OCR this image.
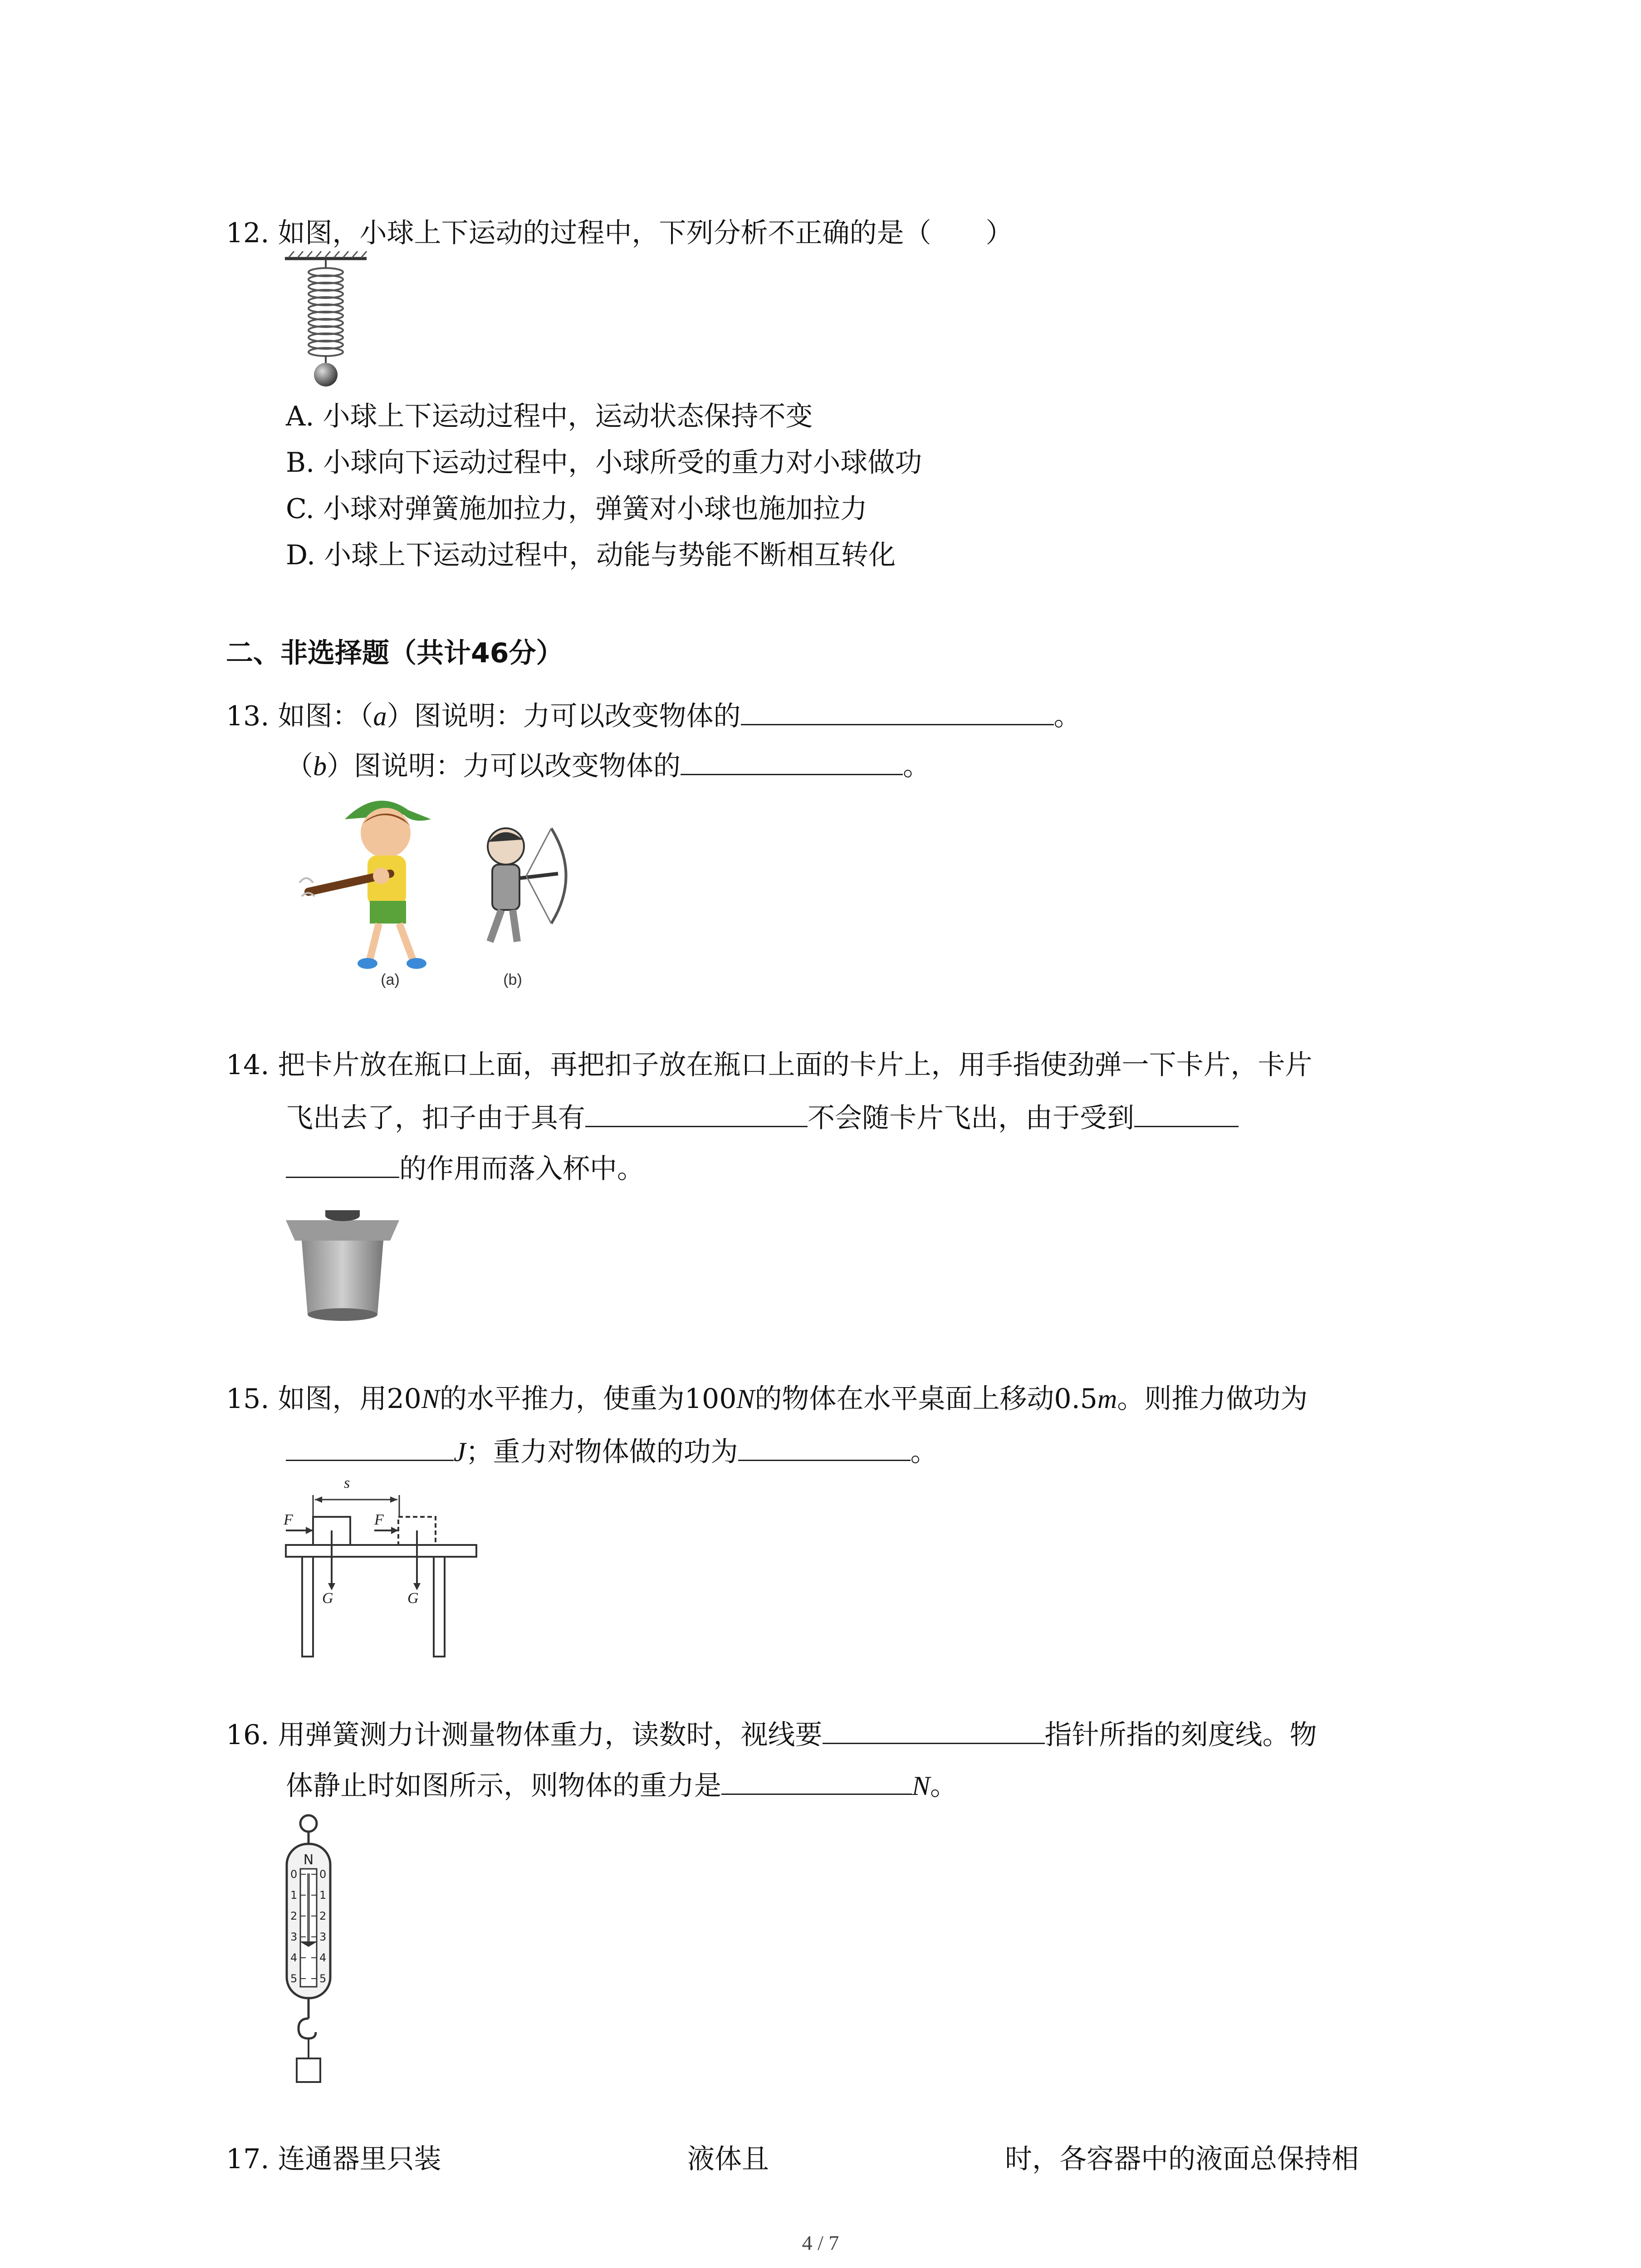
12. 如图，小球上下运动的过程中，下列分析不正确的是（　　）
A. 小球上下运动过程中，运动状态保持不变
B. 小球向下运动过程中，小球所受的重力对小球做功
C. 小球对弹簧施加拉力，弹簧对小球也施加拉力
D. 小球上下运动过程中，动能与势能不断相互转化
二、非选择题（共计46分）
13. 如图：（a）图说明：力可以改变物体的	。
（b）图说明：力可以改变物体的	。
(a)	(b)
14. 把卡片放在瓶口上面，再把扣子放在瓶口上面的卡片上，用手指使劲弹一下卡片，卡片
飞出去了，扣子由于具有	不会随卡片飞出，由于受到
的作用而落入杯中。
15. 如图，用20N的水平推力，使重为100N的物体在水平桌面上移动0.5m。则推力做功为
J；重力对物体做的功为	。
s
F	F
G	G
16. 用弹簧测力计测量物体重力，读数时，视线要	指针所指的刻度线。物
体静止时如图所示，则物体的重力是	N。
N
0
1
2
3
4
5
0
1
2
3
4
5
17. 连通器里只装	液体且	时，各容器中的液面总保持相
4 / 7
